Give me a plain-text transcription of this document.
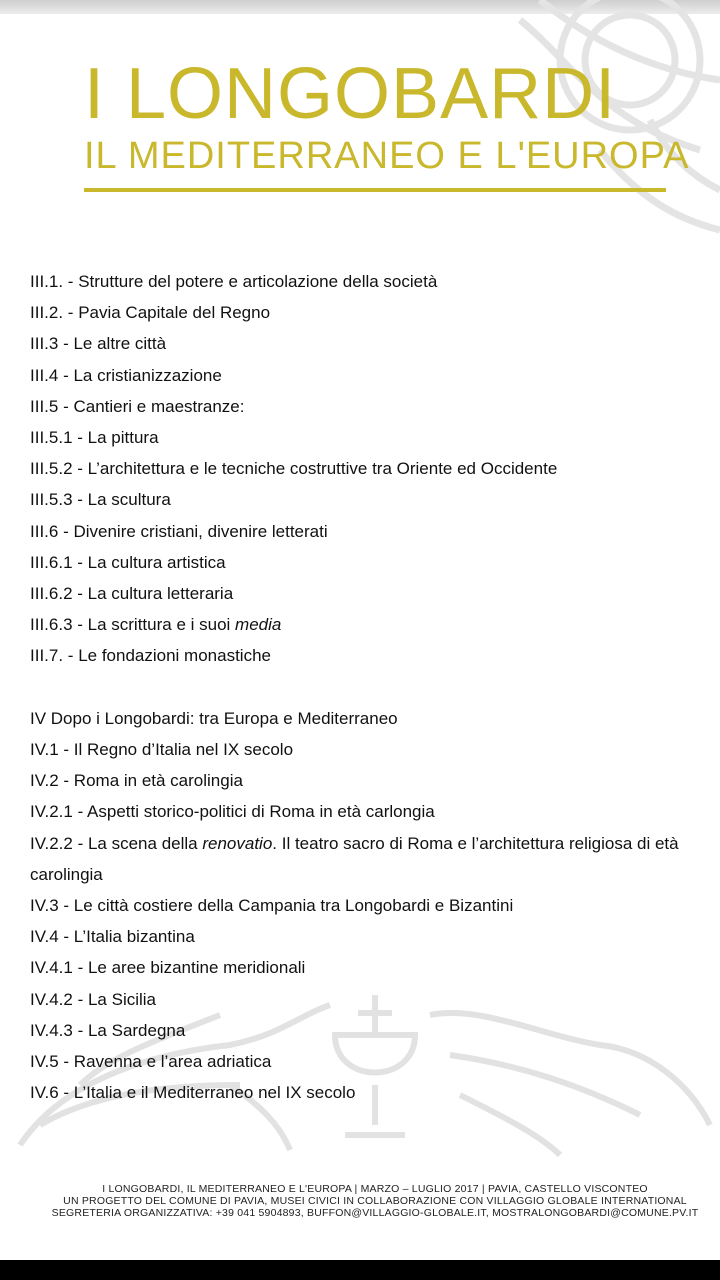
I LONGOBARDI
IL MEDITERRANEO E L'EUROPA
III.1. - Strutture del potere e articolazione della società
III.2. - Pavia Capitale del Regno
III.3 - Le altre città
III.4 - La cristianizzazione
III.5 - Cantieri e maestranze:
III.5.1 - La pittura
III.5.2 - L’architettura e le tecniche costruttive tra Oriente ed Occidente
III.5.3 - La scultura
III.6 - Divenire cristiani, divenire letterati
III.6.1 - La cultura artistica
III.6.2 - La cultura letteraria
III.6.3 - La scrittura e i suoi media
III.7. - Le fondazioni monastiche
IV Dopo i Longobardi: tra Europa e Mediterraneo
IV.1 - Il Regno d’Italia nel IX secolo
IV.2 - Roma in età carolingia
IV.2.1 - Aspetti storico-politici di Roma in età carlongia
IV.2.2 - La scena della renovatio. Il teatro sacro di Roma e l’architettura religiosa di età carolingia
IV.3 - Le città costiere della Campania tra Longobardi e Bizantini
IV.4 - L’Italia bizantina
IV.4.1 - Le aree bizantine meridionali
IV.4.2 - La Sicilia
IV.4.3 - La Sardegna
IV.5 - Ravenna e l’area adriatica
IV.6 - L’Italia e il Mediterraneo nel IX secolo
I LONGOBARDI, IL MEDITERRANEO E L'EUROPA | MARZO – LUGLIO 2017 | PAVIA, CASTELLO VISCONTEO
UN PROGETTO DEL COMUNE DI PAVIA, MUSEI CIVICI IN COLLABORAZIONE CON VILLAGGIO GLOBALE INTERNATIONAL
SEGRETERIA ORGANIZZATIVA: +39 041 5904893, BUFFON@VILLAGGIO-GLOBALE.IT, MOSTRALONGOBARDI@COMUNE.PV.IT
